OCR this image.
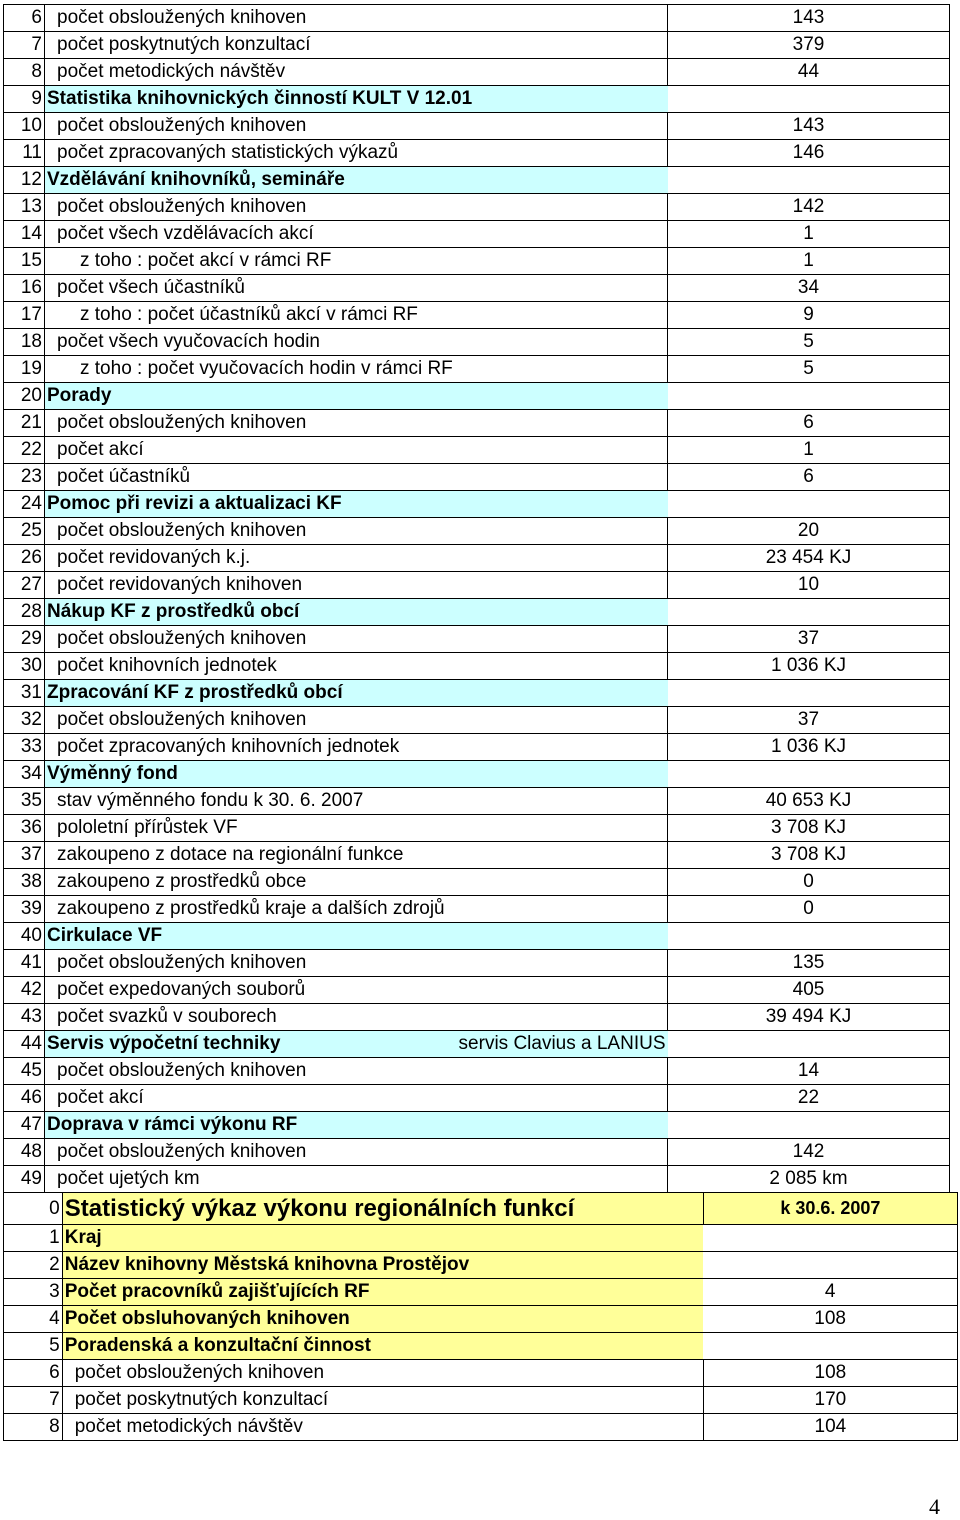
6	počet obsloužených knihoven	143
7	počet poskytnutých konzultací	379
8	počet metodických návštěv	44
9	Statistika knihovnických činností KULT V 12.01	
10	počet obsloužených knihoven	143
11	počet zpracovaných statistických výkazů	146
12	Vzdělávání knihovníků, semináře	
13	počet obsloužených knihoven	142
14	počet všech vzdělávacích akcí	1
15	z toho : počet akcí v rámci RF	1
16	počet všech účastníků	34
17	z toho : počet účastníků akcí v rámci RF	9
18	počet všech vyučovacích hodin	5
19	z toho : počet vyučovacích hodin v rámci RF	5
20	Porady	
21	počet obsloužených knihoven	6
22	počet akcí	1
23	počet účastníků	6
24	Pomoc při revizi a aktualizaci KF	
25	počet obsloužených knihoven	20
26	počet revidovaných k.j.	23 454 KJ
27	počet revidovaných knihoven	10
28	Nákup KF z prostředků obcí	
29	počet obsloužených knihoven	37
30	počet knihovních jednotek	1 036 KJ
31	Zpracování KF z prostředků obcí	
32	počet obsloužených knihoven	37
33	počet zpracovaných knihovních jednotek	1 036 KJ
34	Výměnný fond	
35	stav výměnného fondu k 30. 6. 2007	40 653 KJ
36	pololetní přírůstek VF	3 708 KJ
37	zakoupeno z dotace na regionální funkce	3 708 KJ
38	zakoupeno z prostředků obce	0
39	zakoupeno z prostředků kraje a dalších zdrojů	0
40	Cirkulace VF	
41	počet obsloužených knihoven	135
42	počet expedovaných souborů	405
43	počet svazků v souborech	39 494 KJ
44	Servis výpočetní techniky servis Clavius a LANIUS	

45	počet obsloužených knihoven	14
46	počet akcí	22
47	Doprava v rámci výkonu RF	
48	počet obsloužených knihoven	142
49	počet ujetých km	2 085 km
0	Statistický výkaz výkonu regionálních funkcí	k 30.6. 2007
1	Kraj	
2	Název knihovny Městská knihovna Prostějov	
3	Počet pracovníků zajišťujících RF	4
4	Počet obsluhovaných knihoven	108
5	Poradenská a konzultační činnost	
6	počet obsloužených knihoven	108
7	počet poskytnutých konzultací	170
8	počet metodických návštěv	104
4
